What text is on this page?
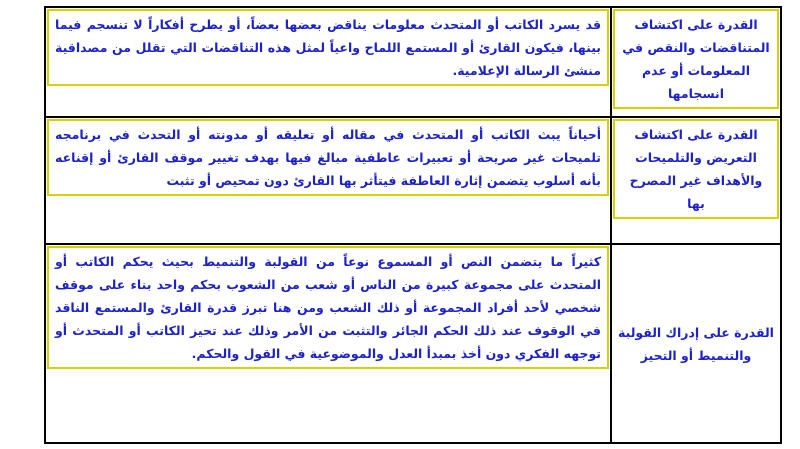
القدرة على اكتشاف المتناقضات والنقص في المعلومات أو عدم انسجامها	قد يسرد الكاتب أو المتحدث معلومات يناقض بعضها بعضاً، أو يطرح أفكاراً لا تنسجم فيما بينها، فيكون القارئ أو المستمع اللماح واعياً لمثل هذه التناقضات التي تقلل من مصداقية منشئ الرسالة الإعلامية.

القدرة على اكتشاف التعريض والتلميحات والأهداف غير المصرح بها	أحياناً يبث الكاتب أو المتحدث في مقاله أو تعليقه أو مدونته أو التحدث في برنامجه تلميحات غير صريحة أو تعبيرات عاطفية مبالغ فيها بهدف تغيير موقف القارئ أو إقناعه بأنه أسلوب يتضمن إثارة العاطفة فيتأثر بها القارئ دون تمحيص أو تثبت

القدرة على إدراك القولبة والتنميط أو التحيز	كثيراً ما يتضمن النص أو المسموع نوعاً من القولبة والتنميط بحيث يحكم الكاتب أو المتحدث على مجموعة كبيرة من الناس أو شعب من الشعوب بحكم واحد بناء على موقف شخصي لأحد أفراد المجموعة أو ذلك الشعب ومن هنا تبرز قدرة القارئ والمستمع الناقد في الوقوف عند ذلك الحكم الجائر والتثبت من الأمر وذلك عند تحيز الكاتب أو المتحدث أو توجهه الفكري دون أخذ بمبدأ العدل والموضوعية في القول والحكم.
